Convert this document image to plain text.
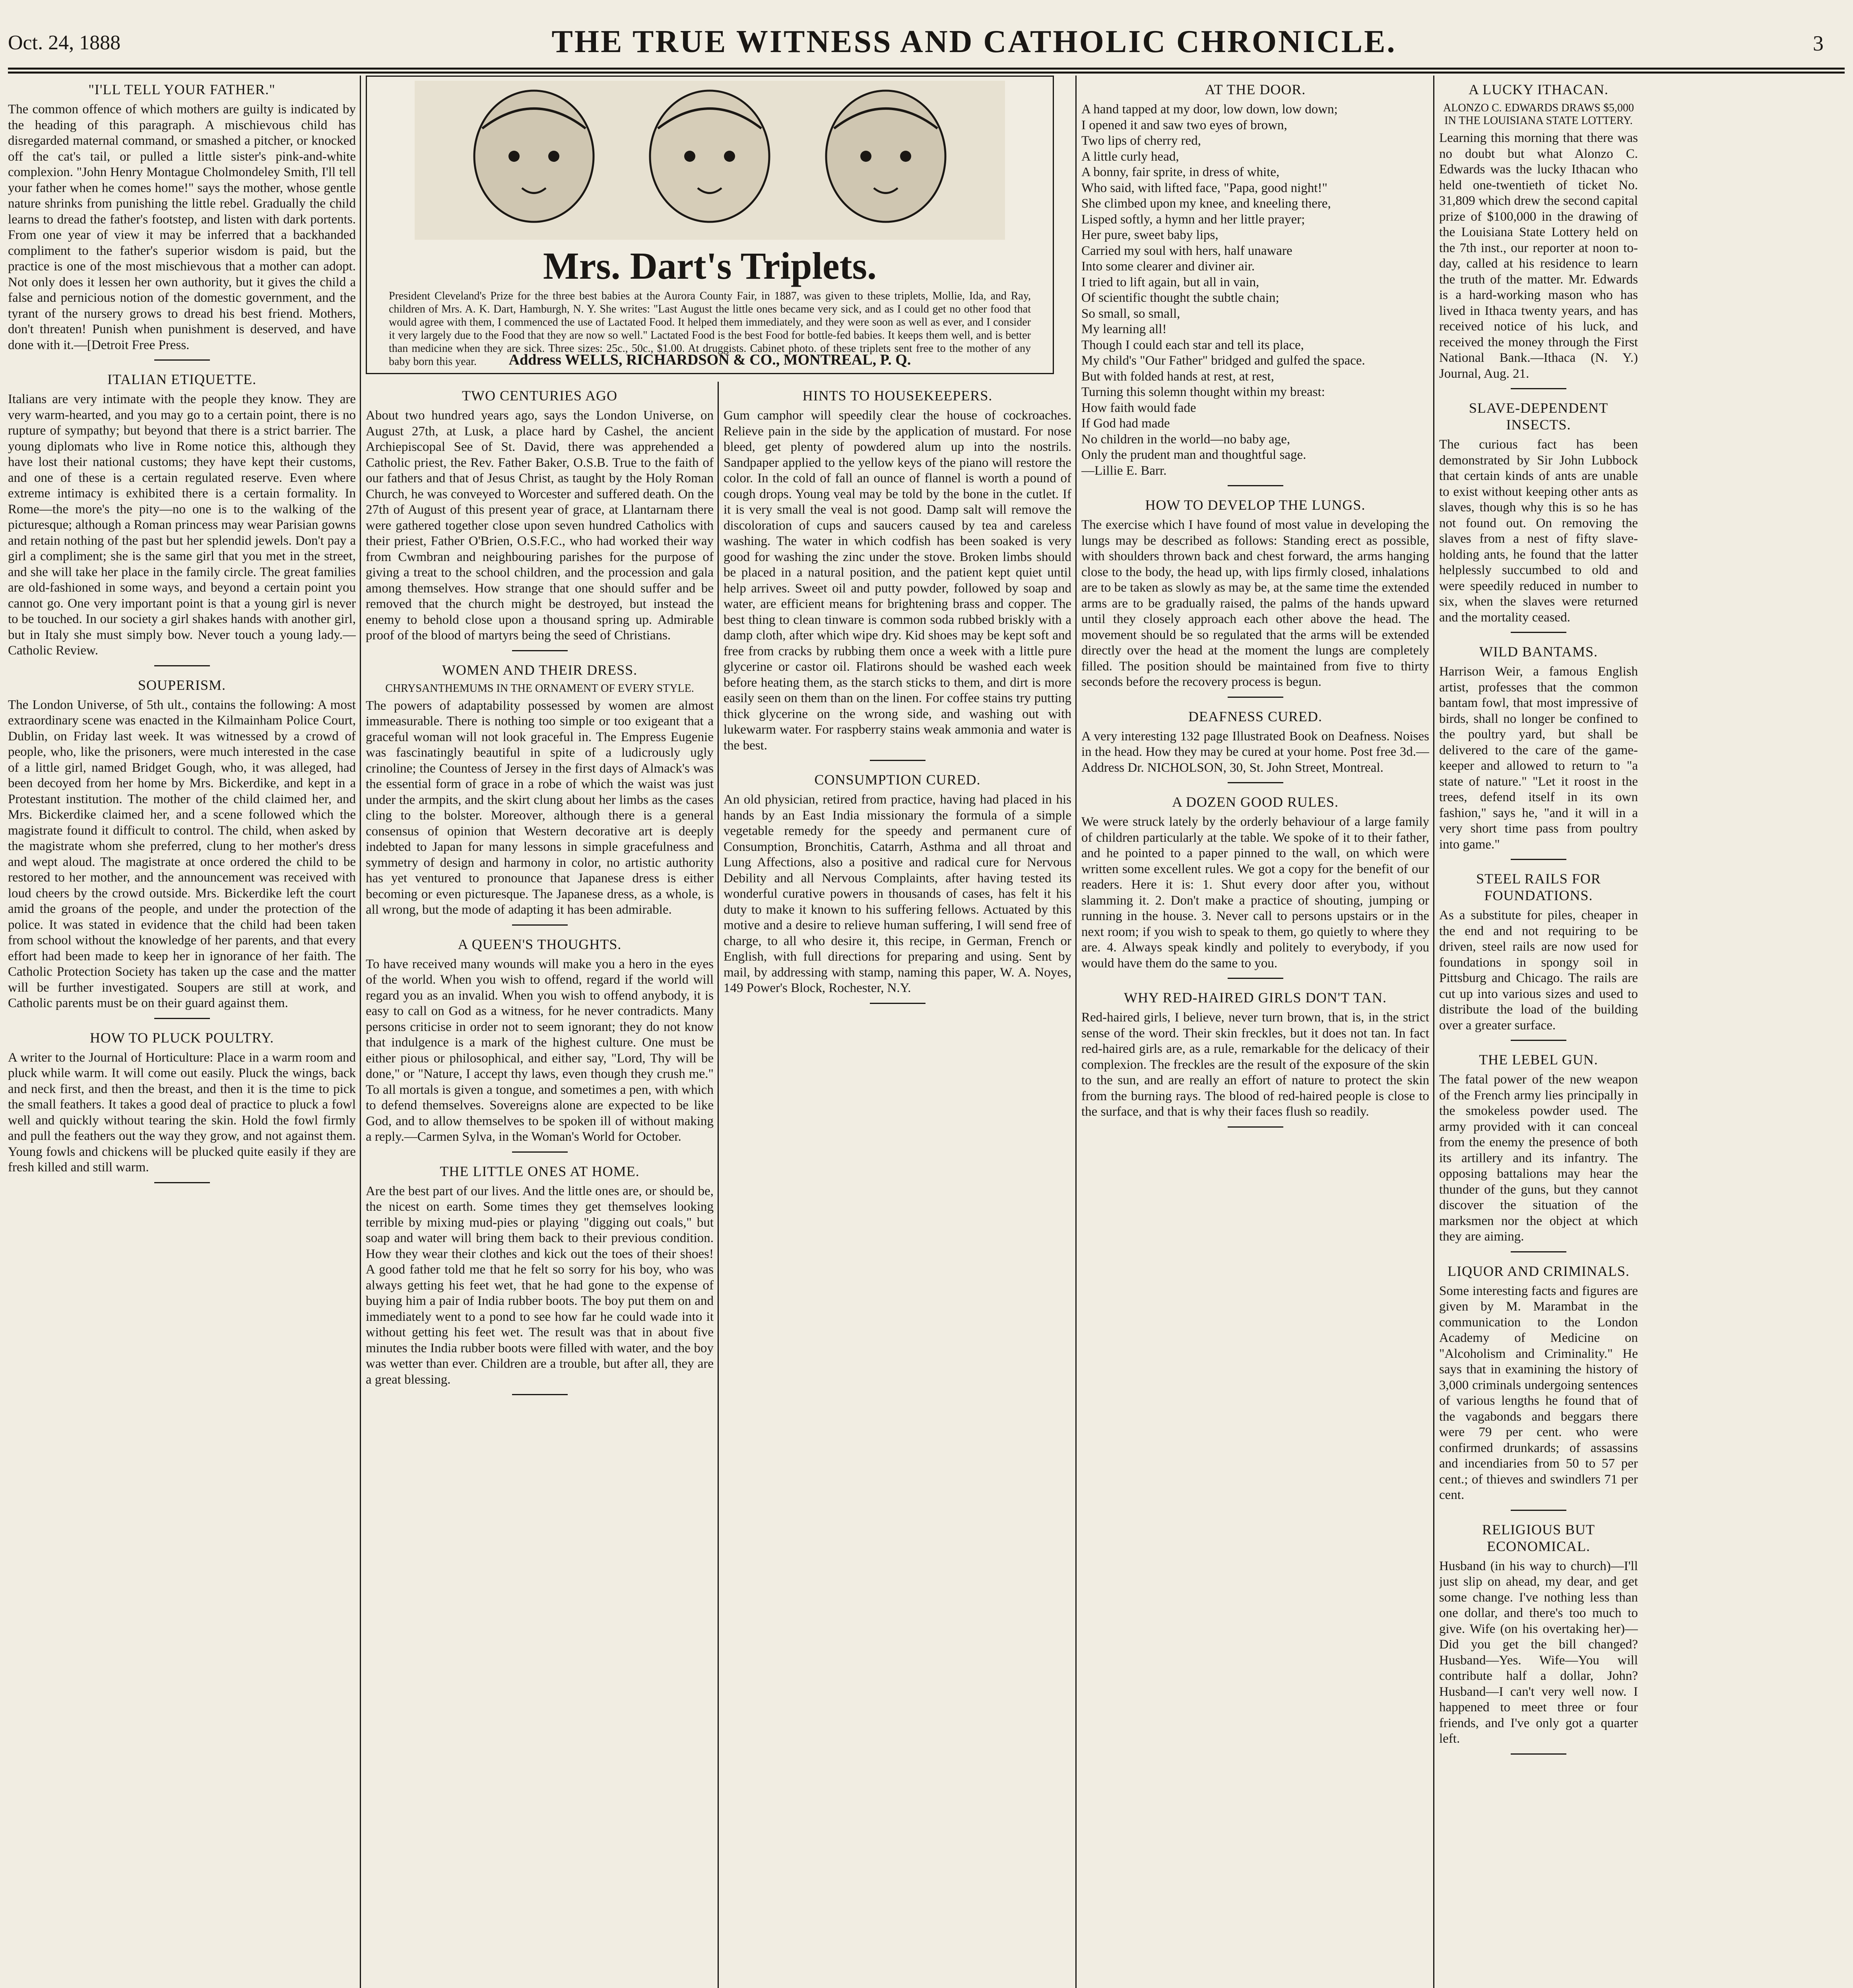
Oct. 24, 1888	THE TRUE WITNESS AND CATHOLIC CHRONICLE.	3
"I'LL TELL YOUR FATHER."
The common offence of which mothers are guilty is indicated by the heading of this paragraph. A mischievous child has disregarded maternal command, or smashed a pitcher, or knocked off the cat's tail, or pulled a little sister's pink-and-white complexion. "John Henry Montague Cholmondeley Smith, I'll tell your father when he comes home!" says the mother, whose gentle nature shrinks from punishing the little rebel. Gradually the child learns to dread the father's footstep, and listen with dark portents. From one year of view it may be inferred that a backhanded compliment to the father's superior wisdom is paid, but the practice is one of the most mischievous that a mother can adopt. Not only does it lessen her own authority, but it gives the child a false and pernicious notion of the domestic government, and the tyrant of the nursery grows to dread his best friend. Mothers, don't threaten! Punish when punishment is deserved, and have done with it.—[Detroit Free Press.
ITALIAN ETIQUETTE.
Italians are very intimate with the people they know. They are very warm-hearted, and you may go to a certain point, there is no rupture of sympathy; but beyond that there is a strict barrier. The young diplomats who live in Rome notice this, although they have lost their national customs; they have kept their customs, and one of these is a certain regulated reserve. Even where extreme intimacy is exhibited there is a certain formality. In Rome—the more's the pity—no one is to the walking of the picturesque; although a Roman princess may wear Parisian gowns and retain nothing of the past but her splendid jewels. Don't pay a girl a compliment; she is the same girl that you met in the street, and she will take her place in the family circle. The great families are old-fashioned in some ways, and beyond a certain point you cannot go. One very important point is that a young girl is never to be touched. In our society a girl shakes hands with another girl, but in Italy she must simply bow. Never touch a young lady.—Catholic Review.
SOUPERISM.
The London Universe, of 5th ult., contains the following: A most extraordinary scene was enacted in the Kilmainham Police Court, Dublin, on Friday last week. It was witnessed by a crowd of people, who, like the prisoners, were much interested in the case of a little girl, named Bridget Gough, who, it was alleged, had been decoyed from her home by Mrs. Bickerdike, and kept in a Protestant institution. The mother of the child claimed her, and Mrs. Bickerdike claimed her, and a scene followed which the magistrate found it difficult to control. The child, when asked by the magistrate whom she preferred, clung to her mother's dress and wept aloud. The magistrate at once ordered the child to be restored to her mother, and the announcement was received with loud cheers by the crowd outside. Mrs. Bickerdike left the court amid the groans of the people, and under the protection of the police. It was stated in evidence that the child had been taken from school without the knowledge of her parents, and that every effort had been made to keep her in ignorance of her faith. The Catholic Protection Society has taken up the case and the matter will be further investigated. Soupers are still at work, and Catholic parents must be on their guard against them.
HOW TO PLUCK POULTRY.
A writer to the Journal of Horticulture: Place in a warm room and pluck while warm. It will come out easily. Pluck the wings, back and neck first, and then the breast, and then it is the time to pick the small feathers. It takes a good deal of practice to pluck a fowl well and quickly without tearing the skin. Hold the fowl firmly and pull the feathers out the way they grow, and not against them. Young fowls and chickens will be plucked quite easily if they are fresh killed and still warm.
TWO CENTURIES AGO
About two hundred years ago, says the London Universe, on August 27th, at Lusk, a place hard by Cashel, the ancient Archiepiscopal See of St. David, there was apprehended a Catholic priest, the Rev. Father Baker, O.S.B. True to the faith of our fathers and that of Jesus Christ, as taught by the Holy Roman Church, he was conveyed to Worcester and suffered death. On the 27th of August of this present year of grace, at Llantarnam there were gathered together close upon seven hundred Catholics with their priest, Father O'Brien, O.S.F.C., who had worked their way from Cwmbran and neighbouring parishes for the purpose of giving a treat to the school children, and the procession and gala among themselves. How strange that one should suffer and be removed that the church might be destroyed, but instead the enemy to behold close upon a thousand spring up. Admirable proof of the blood of martyrs being the seed of Christians.
WOMEN AND THEIR DRESS.
CHRYSANTHEMUMS IN THE ORNAMENT OF EVERY STYLE.
The powers of adaptability possessed by women are almost immeasurable. There is nothing too simple or too exigeant that a graceful woman will not look graceful in. The Empress Eugenie was fascinatingly beautiful in spite of a ludicrously ugly crinoline; the Countess of Jersey in the first days of Almack's was the essential form of grace in a robe of which the waist was just under the armpits, and the skirt clung about her limbs as the cases cling to the bolster. Moreover, although there is a general consensus of opinion that Western decorative art is deeply indebted to Japan for many lessons in simple gracefulness and symmetry of design and harmony in color, no artistic authority has yet ventured to pronounce that Japanese dress is either becoming or even picturesque. The Japanese dress, as a whole, is all wrong, but the mode of adapting it has been admirable.
A QUEEN'S THOUGHTS.
To have received many wounds will make you a hero in the eyes of the world. When you wish to offend, regard if the world will regard you as an invalid. When you wish to offend anybody, it is easy to call on God as a witness, for he never contradicts. Many persons criticise in order not to seem ignorant; they do not know that indulgence is a mark of the highest culture. One must be either pious or philosophical, and either say, "Lord, Thy will be done," or "Nature, I accept thy laws, even though they crush me." To all mortals is given a tongue, and sometimes a pen, with which to defend themselves. Sovereigns alone are expected to be like God, and to allow themselves to be spoken ill of without making a reply.—Carmen Sylva, in the Woman's World for October.
THE LITTLE ONES AT HOME.
Are the best part of our lives. And the little ones are, or should be, the nicest on earth. Some times they get themselves looking terrible by mixing mud-pies or playing "digging out coals," but soap and water will bring them back to their previous condition. How they wear their clothes and kick out the toes of their shoes! A good father told me that he felt so sorry for his boy, who was always getting his feet wet, that he had gone to the expense of buying him a pair of India rubber boots. The boy put them on and immediately went to a pond to see how far he could wade into it without getting his feet wet. The result was that in about five minutes the India rubber boots were filled with water, and the boy was wetter than ever. Children are a trouble, but after all, they are a great blessing.
HINTS TO HOUSEKEEPERS.
Gum camphor will speedily clear the house of cockroaches. Relieve pain in the side by the application of mustard. For nose bleed, get plenty of powdered alum up into the nostrils. Sandpaper applied to the yellow keys of the piano will restore the color. In the cold of fall an ounce of flannel is worth a pound of cough drops. Young veal may be told by the bone in the cutlet. If it is very small the veal is not good. Damp salt will remove the discoloration of cups and saucers caused by tea and careless washing. The water in which codfish has been soaked is very good for washing the zinc under the stove. Broken limbs should be placed in a natural position, and the patient kept quiet until help arrives. Sweet oil and putty powder, followed by soap and water, are efficient means for brightening brass and copper. The best thing to clean tinware is common soda rubbed briskly with a damp cloth, after which wipe dry. Kid shoes may be kept soft and free from cracks by rubbing them once a week with a little pure glycerine or castor oil. Flatirons should be washed each week before heating them, as the starch sticks to them, and dirt is more easily seen on them than on the linen. For coffee stains try putting thick glycerine on the wrong side, and washing out with lukewarm water. For raspberry stains weak ammonia and water is the best.
CONSUMPTION CURED.
An old physician, retired from practice, having had placed in his hands by an East India missionary the formula of a simple vegetable remedy for the speedy and permanent cure of Consumption, Bronchitis, Catarrh, Asthma and all throat and Lung Affections, also a positive and radical cure for Nervous Debility and all Nervous Complaints, after having tested its wonderful curative powers in thousands of cases, has felt it his duty to make it known to his suffering fellows. Actuated by this motive and a desire to relieve human suffering, I will send free of charge, to all who desire it, this recipe, in German, French or English, with full directions for preparing and using. Sent by mail, by addressing with stamp, naming this paper, W. A. Noyes, 149 Power's Block, Rochester, N.Y.
AT THE DOOR.
A hand tapped at my door, low down, low down;
I opened it and saw two eyes of brown,
Two lips of cherry red,
A little curly head,
A bonny, fair sprite, in dress of white,
Who said, with lifted face, "Papa, good night!"
She climbed upon my knee, and kneeling there,
Lisped softly, a hymn and her little prayer;
Her pure, sweet baby lips,
Carried my soul with hers, half unaware
Into some clearer and diviner air.
I tried to lift again, but all in vain,
Of scientific thought the subtle chain;
So small, so small,
My learning all!
Though I could each star and tell its place,
My child's "Our Father" bridged and gulfed the space.
But with folded hands at rest, at rest,
Turning this solemn thought within my breast:
How faith would fade
If God had made
No children in the world—no baby age,
Only the prudent man and thoughtful sage.
—Lillie E. Barr.
HOW TO DEVELOP THE LUNGS.
The exercise which I have found of most value in developing the lungs may be described as follows: Standing erect as possible, with shoulders thrown back and chest forward, the arms hanging close to the body, the head up, with lips firmly closed, inhalations are to be taken as slowly as may be, at the same time the extended arms are to be gradually raised, the palms of the hands upward until they closely approach each other above the head. The movement should be so regulated that the arms will be extended directly over the head at the moment the lungs are completely filled. The position should be maintained from five to thirty seconds before the recovery process is begun.
DEAFNESS CURED.
A very interesting 132 page Illustrated Book on Deafness. Noises in the head. How they may be cured at your home. Post free 3d.—Address Dr. NICHOLSON, 30, St. John Street, Montreal.
A DOZEN GOOD RULES.
We were struck lately by the orderly behaviour of a large family of children particularly at the table. We spoke of it to their father, and he pointed to a paper pinned to the wall, on which were written some excellent rules. We got a copy for the benefit of our readers. Here it is: 1. Shut every door after you, without slamming it. 2. Don't make a practice of shouting, jumping or running in the house. 3. Never call to persons upstairs or in the next room; if you wish to speak to them, go quietly to where they are. 4. Always speak kindly and politely to everybody, if you would have them do the same to you.
WHY RED-HAIRED GIRLS DON'T TAN.
Red-haired girls, I believe, never turn brown, that is, in the strict sense of the word. Their skin freckles, but it does not tan. In fact red-haired girls are, as a rule, remarkable for the delicacy of their complexion. The freckles are the result of the exposure of the skin to the sun, and are really an effort of nature to protect the skin from the burning rays. The blood of red-haired people is close to the surface, and that is why their faces flush so readily.
A LUCKY ITHACAN.
ALONZO C. EDWARDS DRAWS $5,000 IN THE LOUISIANA STATE LOTTERY.
Learning this morning that there was no doubt but what Alonzo C. Edwards was the lucky Ithacan who held one-twentieth of ticket No. 31,809 which drew the second capital prize of $100,000 in the drawing of the Louisiana State Lottery held on the 7th inst., our reporter at noon to-day, called at his residence to learn the truth of the matter. Mr. Edwards is a hard-working mason who has lived in Ithaca twenty years, and has received notice of his luck, and received the money through the First National Bank.—Ithaca (N. Y.) Journal, Aug. 21.
SLAVE-DEPENDENT INSECTS.
The curious fact has been demonstrated by Sir John Lubbock that certain kinds of ants are unable to exist without keeping other ants as slaves, though why this is so he has not found out. On removing the slaves from a nest of fifty slave-holding ants, he found that the latter helplessly succumbed to old and were speedily reduced in number to six, when the slaves were returned and the mortality ceased.
WILD BANTAMS.
Harrison Weir, a famous English artist, professes that the common bantam fowl, that most impressive of birds, shall no longer be confined to the poultry yard, but shall be delivered to the care of the game-keeper and allowed to return to "a state of nature." "Let it roost in the trees, defend itself in its own fashion," says he, "and it will in a very short time pass from poultry into game."
STEEL RAILS FOR FOUNDATIONS.
As a substitute for piles, cheaper in the end and not requiring to be driven, steel rails are now used for foundations in spongy soil in Pittsburg and Chicago. The rails are cut up into various sizes and used to distribute the load of the building over a greater surface.
THE LEBEL GUN.
The fatal power of the new weapon of the French army lies principally in the smokeless powder used. The army provided with it can conceal from the enemy the presence of both its artillery and its infantry. The opposing battalions may hear the thunder of the guns, but they cannot discover the situation of the marksmen nor the object at which they are aiming.
LIQUOR AND CRIMINALS.
Some interesting facts and figures are given by M. Marambat in the communication to the London Academy of Medicine on "Alcoholism and Criminality." He says that in examining the history of 3,000 criminals undergoing sentences of various lengths he found that of the vagabonds and beggars there were 79 per cent. who were confirmed drunkards; of assassins and incendiaries from 50 to 57 per cent.; of thieves and swindlers 71 per cent.
RELIGIOUS BUT ECONOMICAL.
Husband (in his way to church)—I'll just slip on ahead, my dear, and get some change. I've nothing less than one dollar, and there's too much to give. Wife (on his overtaking her)—Did you get the bill changed? Husband—Yes. Wife—You will contribute half a dollar, John? Husband—I can't very well now. I happened to meet three or four friends, and I've only got a quarter left.
Mrs. Dart's Triplets.
President Cleveland's Prize for the three best babies at the Aurora County Fair, in 1887, was given to these triplets, Mollie, Ida, and Ray, children of Mrs. A. K. Dart, Hamburgh, N. Y. She writes: "Last August the little ones became very sick, and as I could get no other food that would agree with them, I commenced the use of Lactated Food. It helped them immediately, and they were soon as well as ever, and I consider it very largely due to the Food that they are now so well." Lactated Food is the best Food for bottle-fed babies. It keeps them well, and is better than medicine when they are sick. Three sizes: 25c., 50c., $1.00. At druggists. Cabinet photo. of these triplets sent free to the mother of any baby born this year.	Address WELLS, RICHARDSON & CO., MONTREAL, P. Q.
